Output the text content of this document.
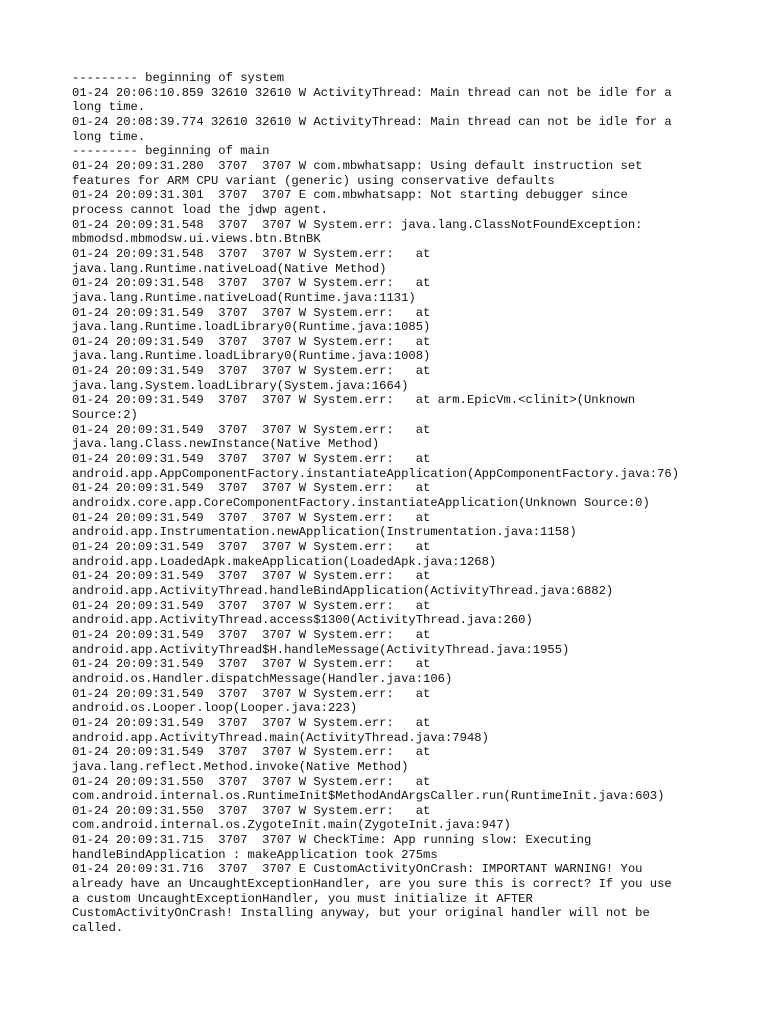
--------- beginning of system
01-24 20:06:10.859 32610 32610 W ActivityThread: Main thread can not be idle for a
long time.
01-24 20:08:39.774 32610 32610 W ActivityThread: Main thread can not be idle for a
long time.
--------- beginning of main
01-24 20:09:31.280  3707  3707 W com.mbwhatsapp: Using default instruction set
features for ARM CPU variant (generic) using conservative defaults
01-24 20:09:31.301  3707  3707 E com.mbwhatsapp: Not starting debugger since
process cannot load the jdwp agent.
01-24 20:09:31.548  3707  3707 W System.err: java.lang.ClassNotFoundException:
mbmodsd.mbmodsw.ui.views.btn.BtnBK
01-24 20:09:31.548  3707  3707 W System.err:   at
java.lang.Runtime.nativeLoad(Native Method)
01-24 20:09:31.548  3707  3707 W System.err:   at
java.lang.Runtime.nativeLoad(Runtime.java:1131)
01-24 20:09:31.549  3707  3707 W System.err:   at
java.lang.Runtime.loadLibrary0(Runtime.java:1085)
01-24 20:09:31.549  3707  3707 W System.err:   at
java.lang.Runtime.loadLibrary0(Runtime.java:1008)
01-24 20:09:31.549  3707  3707 W System.err:   at
java.lang.System.loadLibrary(System.java:1664)
01-24 20:09:31.549  3707  3707 W System.err:   at arm.EpicVm.<clinit>(Unknown
Source:2)
01-24 20:09:31.549  3707  3707 W System.err:   at
java.lang.Class.newInstance(Native Method)
01-24 20:09:31.549  3707  3707 W System.err:   at
android.app.AppComponentFactory.instantiateApplication(AppComponentFactory.java:76)
01-24 20:09:31.549  3707  3707 W System.err:   at
androidx.core.app.CoreComponentFactory.instantiateApplication(Unknown Source:0)
01-24 20:09:31.549  3707  3707 W System.err:   at
android.app.Instrumentation.newApplication(Instrumentation.java:1158)
01-24 20:09:31.549  3707  3707 W System.err:   at
android.app.LoadedApk.makeApplication(LoadedApk.java:1268)
01-24 20:09:31.549  3707  3707 W System.err:   at
android.app.ActivityThread.handleBindApplication(ActivityThread.java:6882)
01-24 20:09:31.549  3707  3707 W System.err:   at
android.app.ActivityThread.access$1300(ActivityThread.java:260)
01-24 20:09:31.549  3707  3707 W System.err:   at
android.app.ActivityThread$H.handleMessage(ActivityThread.java:1955)
01-24 20:09:31.549  3707  3707 W System.err:   at
android.os.Handler.dispatchMessage(Handler.java:106)
01-24 20:09:31.549  3707  3707 W System.err:   at
android.os.Looper.loop(Looper.java:223)
01-24 20:09:31.549  3707  3707 W System.err:   at
android.app.ActivityThread.main(ActivityThread.java:7948)
01-24 20:09:31.549  3707  3707 W System.err:   at
java.lang.reflect.Method.invoke(Native Method)
01-24 20:09:31.550  3707  3707 W System.err:   at
com.android.internal.os.RuntimeInit$MethodAndArgsCaller.run(RuntimeInit.java:603)
01-24 20:09:31.550  3707  3707 W System.err:   at
com.android.internal.os.ZygoteInit.main(ZygoteInit.java:947)
01-24 20:09:31.715  3707  3707 W CheckTime: App running slow: Executing
handleBindApplication : makeApplication took 275ms
01-24 20:09:31.716  3707  3707 E CustomActivityOnCrash: IMPORTANT WARNING! You
already have an UncaughtExceptionHandler, are you sure this is correct? If you use
a custom UncaughtExceptionHandler, you must initialize it AFTER
CustomActivityOnCrash! Installing anyway, but your original handler will not be
called.
